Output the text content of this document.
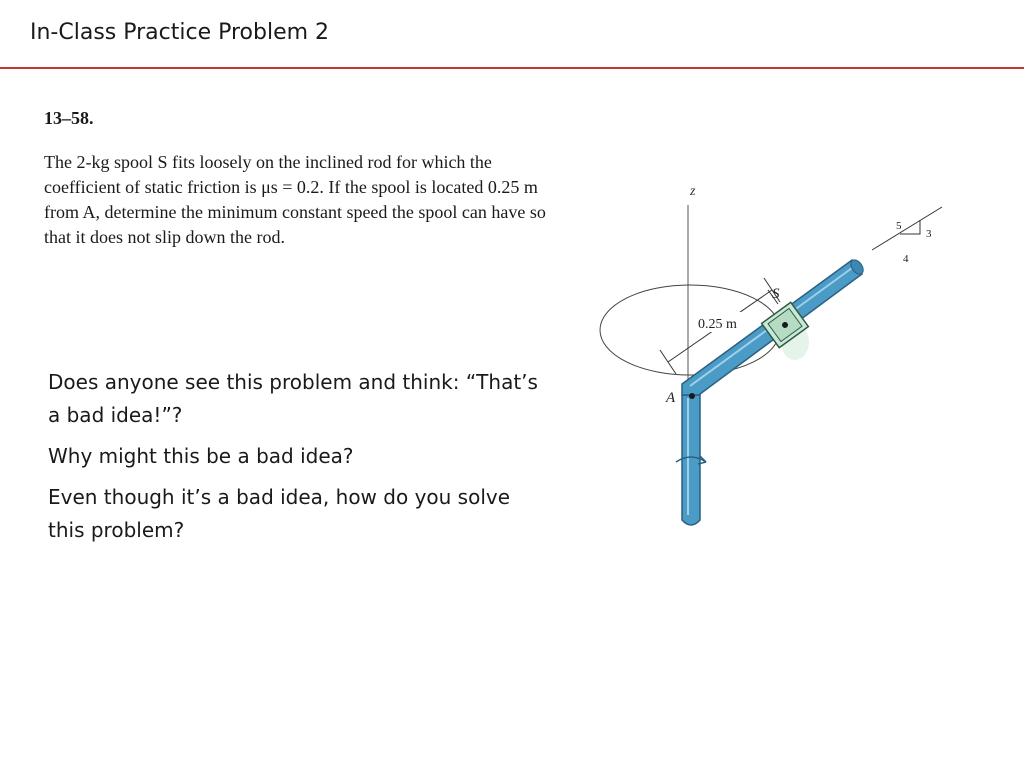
In-Class Practice Problem 2
13–58.

The 2-kg spool S fits loosely on the inclined rod for which the coefficient of static friction is μs = 0.2. If the spool is located 0.25 m from A, determine the minimum constant speed the spool can have so that it does not slip down the rod.

Does anyone see this problem and think: “That’s a bad idea!”?

Why might this be a bad idea?

Even though it’s a bad idea, how do you solve this problem?

z
0.25 m
A
S
5
3
4
